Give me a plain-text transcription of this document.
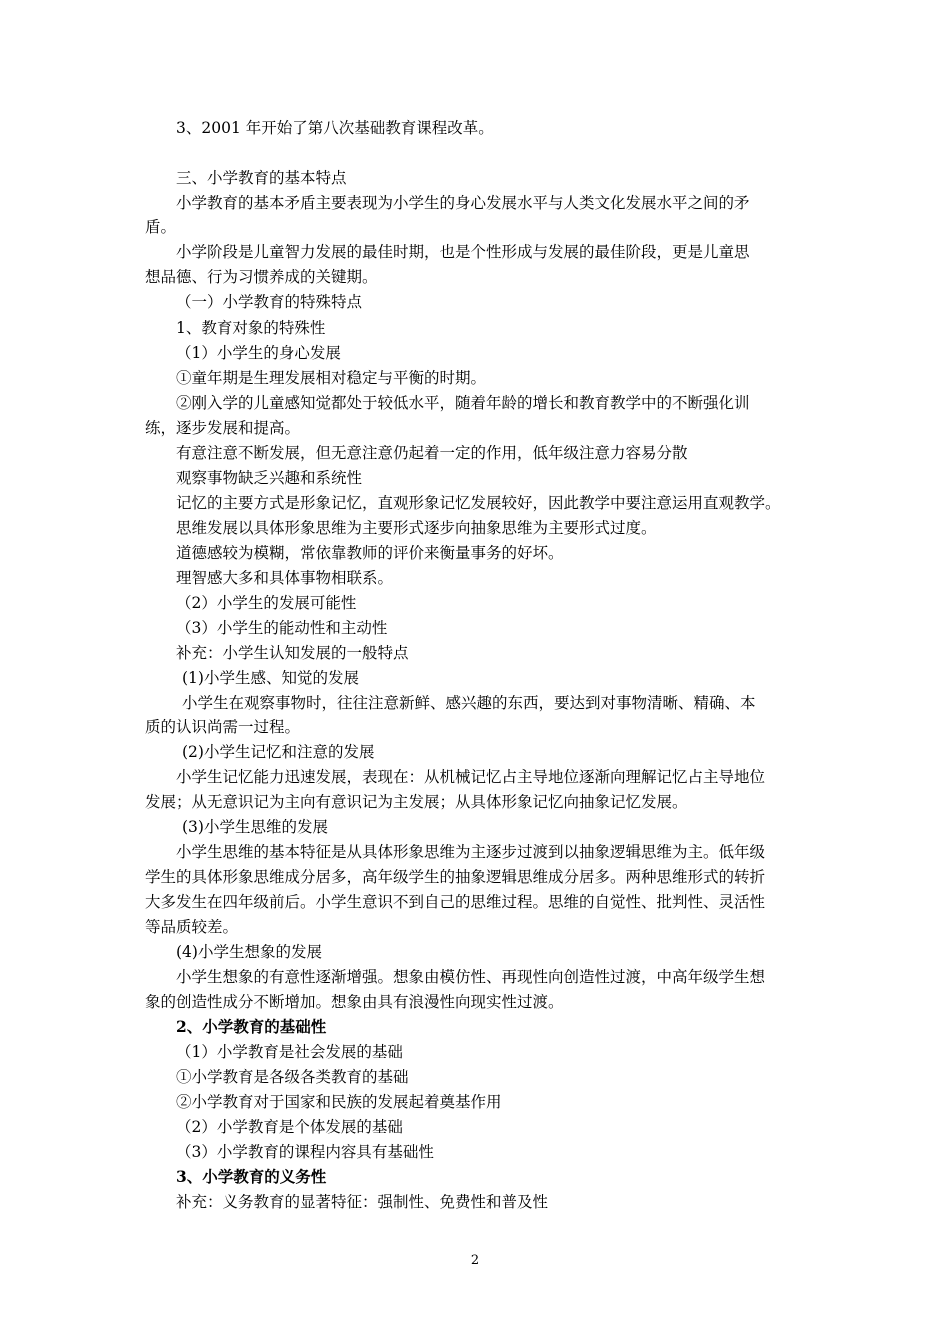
3、2001 年开始了第八次基础教育课程改革。
三、小学教育的基本特点
小学教育的基本矛盾主要表现为小学生的身心发展水平与人类文化发展水平之间的矛
盾。
小学阶段是儿童智力发展的最佳时期，也是个性形成与发展的最佳阶段，更是儿童思
想品德、行为习惯养成的关键期。
（一）小学教育的特殊特点
1、教育对象的特殊性
（1）小学生的身心发展
①童年期是生理发展相对稳定与平衡的时期。
②刚入学的儿童感知觉都处于较低水平，随着年龄的增长和教育教学中的不断强化训
练，逐步发展和提高。
有意注意不断发展，但无意注意仍起着一定的作用，低年级注意力容易分散
观察事物缺乏兴趣和系统性
记忆的主要方式是形象记忆，直观形象记忆发展较好，因此教学中要注意运用直观教学。
思维发展以具体形象思维为主要形式逐步向抽象思维为主要形式过度。
道德感较为模糊，常依靠教师的评价来衡量事务的好坏。
理智感大多和具体事物相联系。
（2）小学生的发展可能性
（3）小学生的能动性和主动性
补充：小学生认知发展的一般特点
(1)小学生感、知觉的发展
小学生在观察事物时，往往注意新鲜、感兴趣的东西，要达到对事物清晰、精确、本
质的认识尚需一过程。
(2)小学生记忆和注意的发展
小学生记忆能力迅速发展，表现在：从机械记忆占主导地位逐渐向理解记忆占主导地位
发展；从无意识记为主向有意识记为主发展；从具体形象记忆向抽象记忆发展。
(3)小学生思维的发展
小学生思维的基本特征是从具体形象思维为主逐步过渡到以抽象逻辑思维为主。低年级
学生的具体形象思维成分居多，高年级学生的抽象逻辑思维成分居多。两种思维形式的转折
大多发生在四年级前后。小学生意识不到自己的思维过程。思维的自觉性、批判性、灵活性
等品质较差。
(4)小学生想象的发展
小学生想象的有意性逐渐增强。想象由模仿性、再现性向创造性过渡，中高年级学生想
象的创造性成分不断增加。想象由具有浪漫性向现实性过渡。
2、小学教育的基础性
（1）小学教育是社会发展的基础
①小学教育是各级各类教育的基础
②小学教育对于国家和民族的发展起着奠基作用
（2）小学教育是个体发展的基础
（3）小学教育的课程内容具有基础性
3、小学教育的义务性
补充：义务教育的显著特征：强制性、免费性和普及性
2
